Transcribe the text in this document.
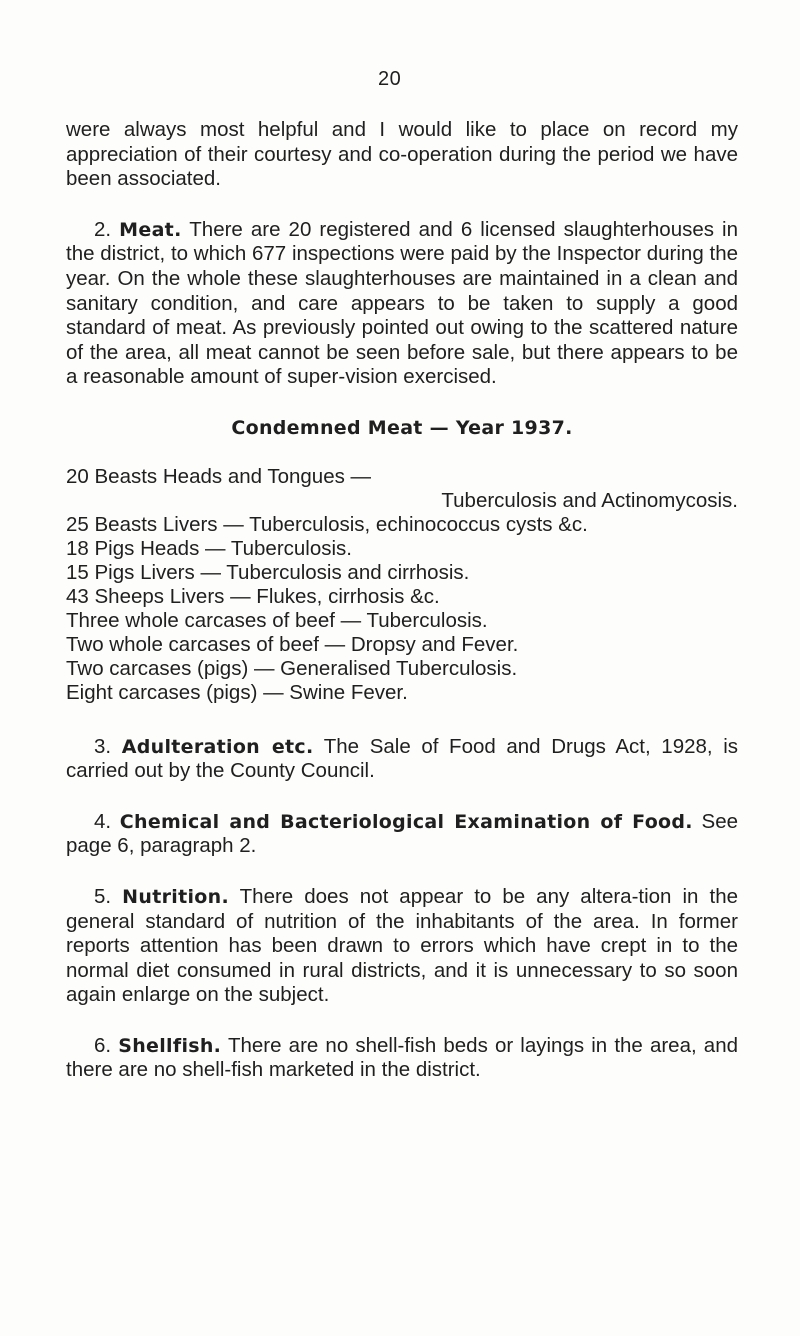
20

were always most helpful and I would like to place on record my appreciation of their courtesy and co-operation during the period we have been associated.

2. Meat. There are 20 registered and 6 licensed slaughterhouses in the district, to which 677 inspections were paid by the Inspector during the year. On the whole these slaughterhouses are maintained in a clean and sanitary condition, and care appears to be taken to supply a good standard of meat. As previously pointed out owing to the scattered nature of the area, all meat cannot be seen before sale, but there appears to be a reasonable amount of super-vision exercised.

Condemned Meat — Year 1937.
20 Beasts Heads and Tongues —
Tuberculosis and Actinomycosis.
25 Beasts Livers — Tuberculosis, echinococcus cysts &c.
18 Pigs Heads — Tuberculosis.
15 Pigs Livers — Tuberculosis and cirrhosis.
43 Sheeps Livers — Flukes, cirrhosis &c.
Three whole carcases of beef — Tuberculosis.
Two whole carcases of beef — Dropsy and Fever.
Two carcases (pigs) — Generalised Tuberculosis.
Eight carcases (pigs) — Swine Fever.

3. Adulteration etc. The Sale of Food and Drugs Act, 1928, is carried out by the County Council.

4. Chemical and Bacteriological Examination of Food. See page 6, paragraph 2.

5. Nutrition. There does not appear to be any altera-tion in the general standard of nutrition of the inhabitants of the area. In former reports attention has been drawn to errors which have crept in to the normal diet consumed in rural districts, and it is unnecessary to so soon again enlarge on the subject.

6. Shellfish. There are no shell-fish beds or layings in the area, and there are no shell-fish marketed in the district.
